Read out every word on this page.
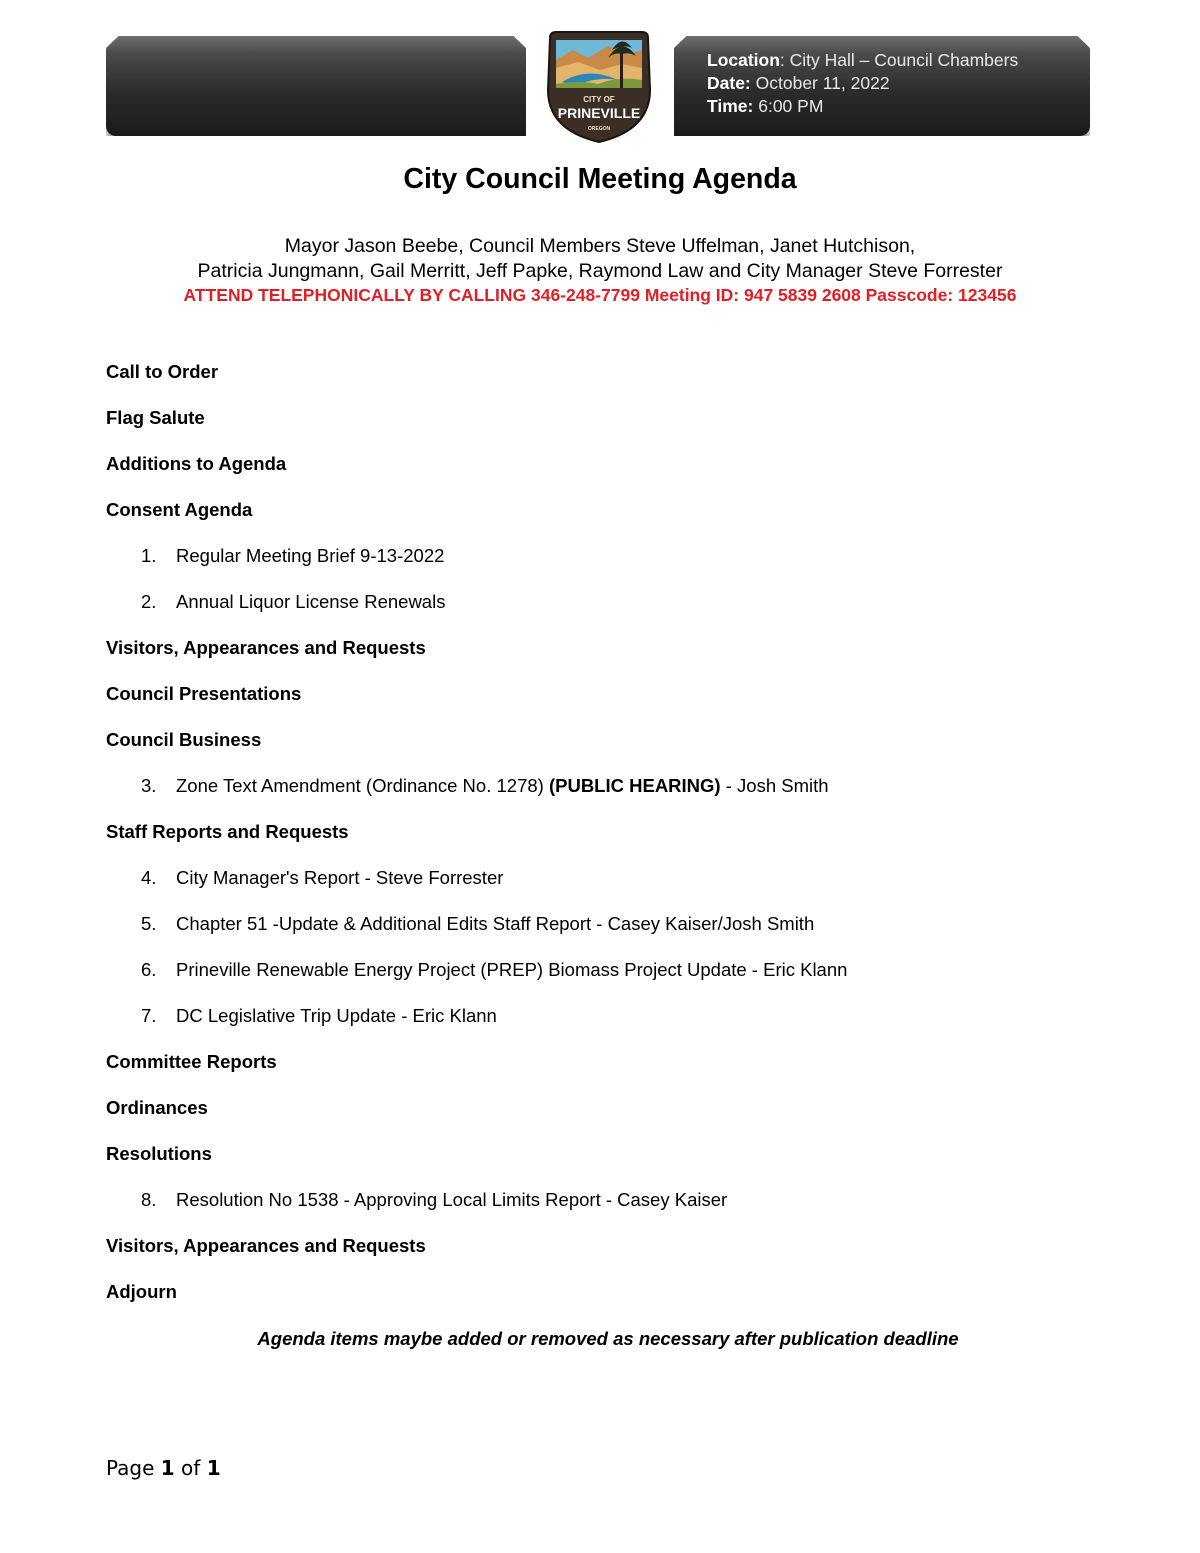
Location: City Hall – Council Chambers
Date: October 11, 2022
Time: 6:00 PM
CITY OF
PRINEVILLE
OREGON
City Council Meeting Agenda
Mayor Jason Beebe, Council Members Steve Uffelman, Janet Hutchison,
Patricia Jungmann, Gail Merritt, Jeff Papke, Raymond Law and City Manager Steve Forrester
ATTEND TELEPHONICALLY BY CALLING 346-248-7799 Meeting ID: 947 5839 2608 Passcode: 123456
Call to Order
Flag Salute
Additions to Agenda
Consent Agenda
1. Regular Meeting Brief 9-13-2022
2. Annual Liquor License Renewals
Visitors, Appearances and Requests
Council Presentations
Council Business
3. Zone Text Amendment (Ordinance No. 1278) (PUBLIC HEARING) - Josh Smith
Staff Reports and Requests
4. City Manager's Report - Steve Forrester
5. Chapter 51 -Update & Additional Edits Staff Report - Casey Kaiser/Josh Smith
6. Prineville Renewable Energy Project (PREP) Biomass Project Update - Eric Klann
7. DC Legislative Trip Update - Eric Klann
Committee Reports
Ordinances
Resolutions
8. Resolution No 1538 - Approving Local Limits Report - Casey Kaiser
Visitors, Appearances and Requests
Adjourn
Agenda items maybe added or removed as necessary after publication deadline
Page 1 of 1
